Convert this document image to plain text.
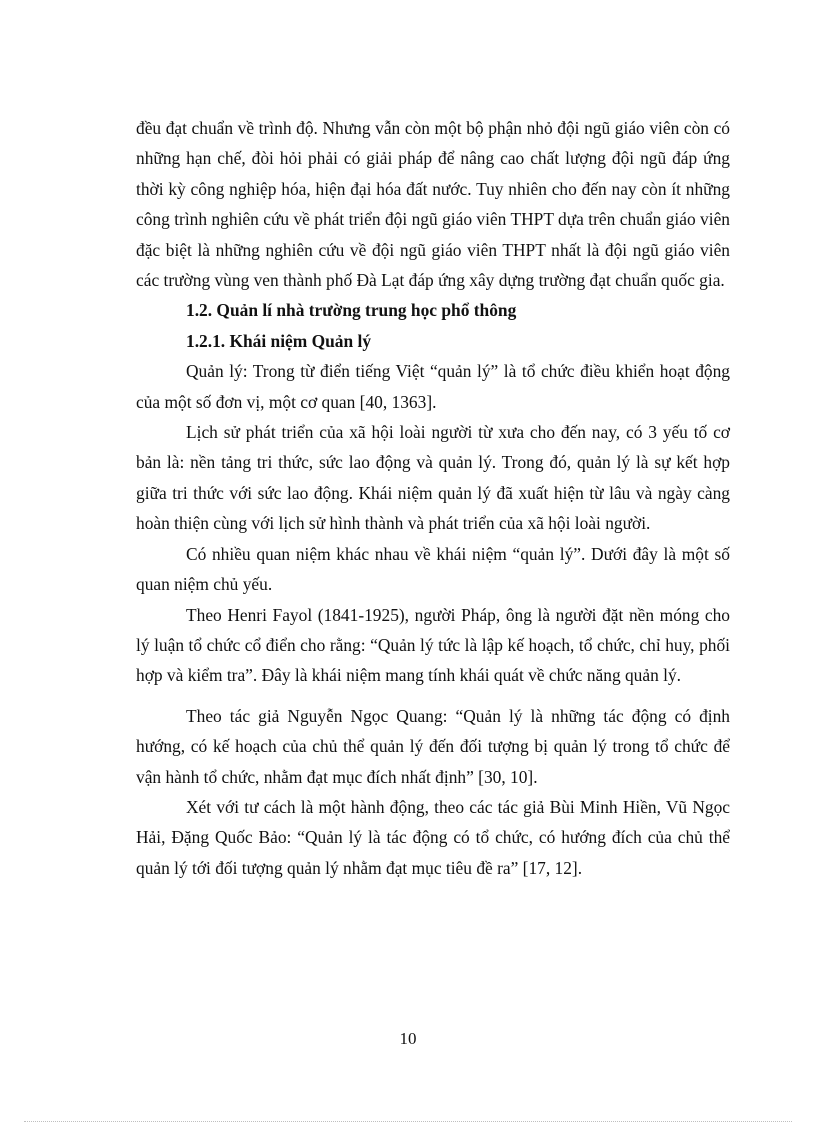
đều đạt chuẩn về trình độ. Nhưng vẫn còn một bộ phận nhỏ đội ngũ giáo viên còn có những hạn chế, đòi hỏi phải có giải pháp để nâng cao chất lượng đội ngũ đáp ứng thời kỳ công nghiệp hóa, hiện đại hóa đất nước. Tuy nhiên cho đến nay còn ít những công trình nghiên cứu về phát triển đội ngũ giáo viên THPT dựa trên chuẩn giáo viên đặc biệt là những nghiên cứu về đội ngũ giáo viên THPT nhất là đội ngũ giáo viên các trường vùng ven thành phố Đà Lạt đáp ứng xây dựng trường đạt chuẩn quốc gia.

1.2. Quản lí nhà trường trung học phổ thông
1.2.1. Khái niệm Quản lý

Quản lý: Trong từ điển tiếng Việt “quản lý” là tổ chức điều khiển hoạt động của một số đơn vị, một cơ quan [40, 1363].

Lịch sử phát triển của xã hội loài người từ xưa cho đến nay, có 3 yếu tố cơ bản là: nền tảng tri thức, sức lao động và quản lý. Trong đó, quản lý là sự kết hợp giữa tri thức với sức lao động. Khái niệm quản lý đã xuất hiện từ lâu và ngày càng hoàn thiện cùng với lịch sử hình thành và phát triển của xã hội loài người.

Có nhiều quan niệm khác nhau về khái niệm “quản lý”. Dưới đây là một số quan niệm chủ yếu.

Theo Henri Fayol (1841-1925), người Pháp, ông là người đặt nền móng cho lý luận tổ chức cổ điển cho rằng: “Quản lý tức là lập kế hoạch, tổ chức, chỉ huy, phối hợp và kiểm tra”. Đây là khái niệm mang tính khái quát về chức năng quản lý.

Theo tác giả Nguyễn Ngọc Quang: “Quản lý là những tác động có định hướng, có kế hoạch của chủ thể quản lý đến đối tượng bị quản lý trong tổ chức để vận hành tổ chức, nhằm đạt mục đích nhất định” [30, 10].

Xét với tư cách là một hành động, theo các tác giả Bùi Minh Hiền, Vũ Ngọc Hải, Đặng Quốc Bảo: “Quản lý là tác động có tổ chức, có hướng đích của chủ thể quản lý tới đối tượng quản lý nhằm đạt mục tiêu đề ra” [17, 12].

10
